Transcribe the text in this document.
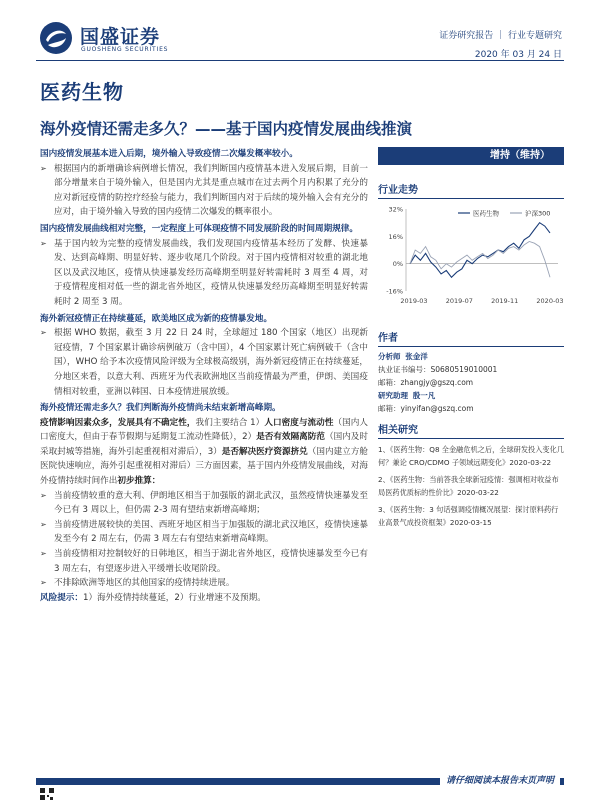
国盛证券
GUOSHENG SECURITIES
证券研究报告 ｜ 行业专题研究
2020 年 03 月 24 日
医药生物
海外疫情还需走多久？——基于国内疫情发展曲线推演
国内疫情发展基本进入后期，境外输入导致疫情二次爆发概率较小。
➢ 根据国内的新增确诊病例增长情况，我们判断国内疫情基本进入发展后期，目前一部分增量来自于境外输入，但是国内尤其是重点城市在过去两个月内积累了充分的应对新冠疫情的防控疗经验与能力，我们判断国内对于后续的境外输入会有充分的应对，由于境外输入导致的国内疫情二次爆发的概率很小。
国内疫情发展曲线相对完整，一定程度上可体现疫情不同发展阶段的时间周期规律。
➢ 基于国内较为完整的疫情发展曲线，我们发现国内疫情基本经历了发酵、快速暴发、达到高峰期、明显好转、逐步收尾几个阶段。对于国内疫情相对较重的湖北地区以及武汉地区，疫情从快速暴发经历高峰期至明显好转需耗时 3 周至 4 周，对于疫情程度相对低一些的湖北省外地区，疫情从快速暴发经历高峰期至明显好转需耗时 2 周至 3 周。
海外新冠疫情正在持续蔓延，欧美地区成为新的疫情暴发地。
➢ 根据 WHO 数据，截至 3 月 22 日 24 时，全球超过 180 个国家（地区）出现新冠疫情，7 个国家累计确诊病例破万（含中国），4 个国家累计死亡病例破千（含中国），WHO 给予本次疫情风险评级为全球极高级别，海外新冠疫情正在持续蔓延，分地区来看，以意大利、西班牙为代表欧洲地区当前疫情最为严重，伊朗、美国疫情相对较重，亚洲以韩国、日本疫情进展放缓。
海外疫情还需走多久？我们判断海外疫情尚未结束新增高峰期。
疫情影响因素众多，发展具有不确定性，我们主要结合 1）人口密度与流动性（国内人口密度大，但由于春节假期与延期复工流动性降低），2）是否有效隔离防范（国内及时采取封城等措施，海外引起重视相对滞后），3）是否解决医疗资源挤兑（国内建立方舱医院快速响应，海外引起重视相对滞后）三方面因素，基于国内外疫情发展曲线，对海外疫情持续时间作出初步推算：
➢ 当前疫情较重的意大利、伊朗地区相当于加强版的湖北武汉，虽然疫情快速暴发至今已有 3 周以上，但仍需 2-3 周有望结束新增高峰期；
➢ 当前疫情进展较快的美国、西班牙地区相当于加强版的湖北武汉地区，疫情快速暴发至今有 2 周左右，仍需 3 周左右有望结束新增高峰期。
➢ 当前疫情相对控制较好的日韩地区，相当于湖北省外地区，疫情快速暴发至今已有 3 周左右，有望逐步进入平缓增长收尾阶段。
➢ 不排除欧洲等地区的其他国家的疫情持续进展。
风险提示：1）海外疫情持续蔓延，2）行业增速不及预期。
增持（维持）
行业走势
32%
16%
0%
-16%
2019-03	2019-07	2019-11	2020-03
医药生物	沪深300
作者
分析师 张金洋
执业证书编号：S0680519010001
邮箱：zhangjy@gszq.com
研究助理 殷一凡
邮箱：yinyifan@gszq.com
相关研究
1、《医药生物：Q8 全金融危机之后，全球研发投入变化几何？兼论 CRO/CDMO 子领域远期变化》2020-03-22
2、《医药生物：当前答我全球新冠疫情：强调相对收益布局医药优质标的性价比》2020-03-22
3、《医药生物：3 句话强调疫情概况展望：探讨原料药行业高景气成投资框架》2020-03-15
请仔细阅读本报告末页声明
